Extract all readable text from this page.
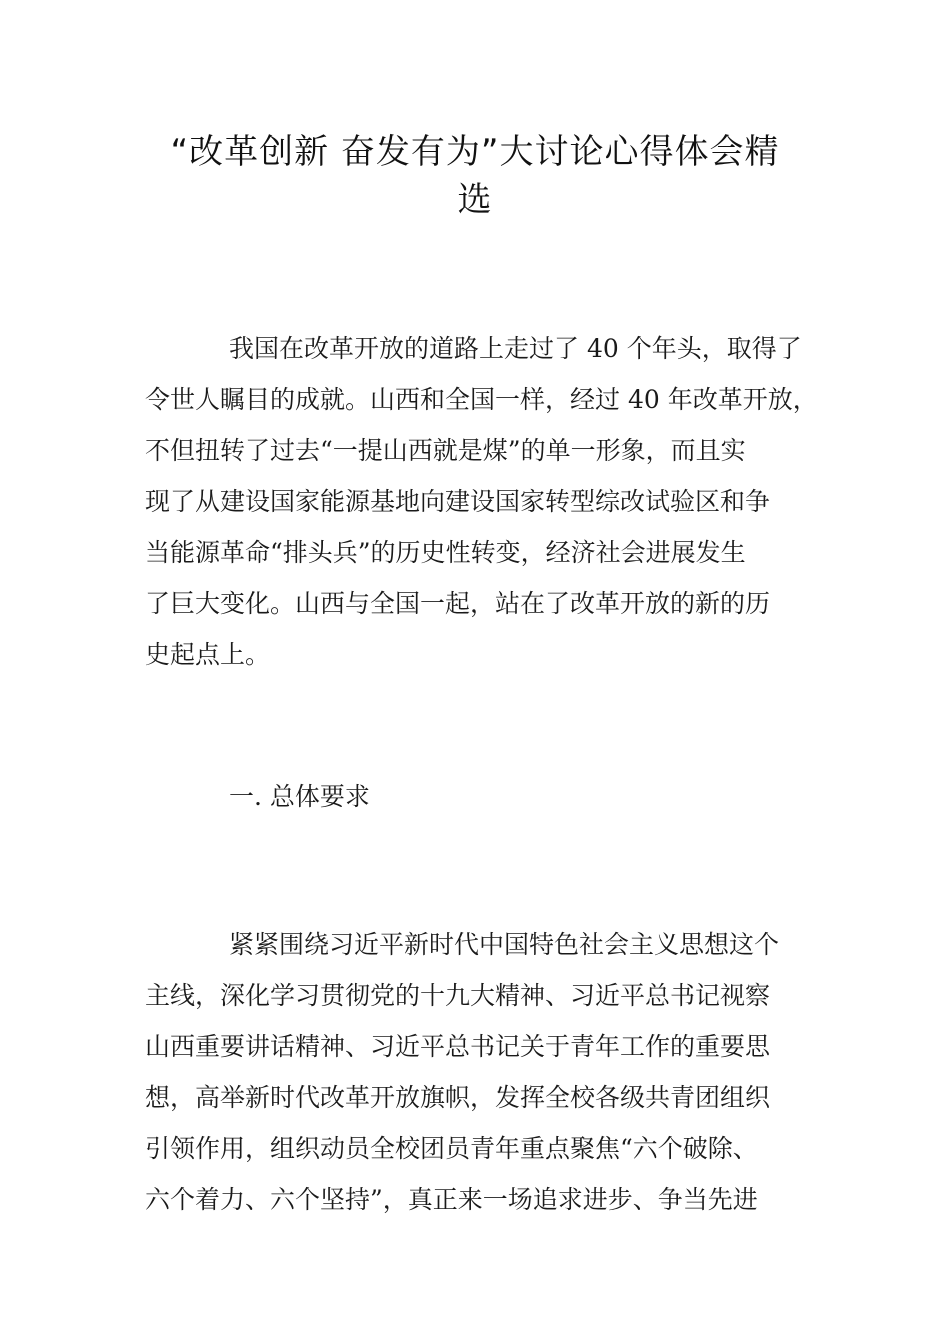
“改革创新 奋发有为”大讨论心得体会精
选
我国在改革开放的道路上走过了 40 个年头，取得了
令世人瞩目的成就。山西和全国一样，经过 40 年改革开放，
不但扭转了过去“一提山西就是煤”的单一形象，而且实
现了从建设国家能源基地向建设国家转型综改试验区和争
当能源革命“排头兵”的历史性转变，经济社会进展发生
了巨大变化。山西与全国一起，站在了改革开放的新的历
史起点上。
一. 总体要求
紧紧围绕习近平新时代中国特色社会主义思想这个
主线，深化学习贯彻党的十九大精神、习近平总书记视察
山西重要讲话精神、习近平总书记关于青年工作的重要思
想，高举新时代改革开放旗帜，发挥全校各级共青团组织
引领作用，组织动员全校团员青年重点聚焦“六个破除、
六个着力、六个坚持”，真正来一场追求进步、争当先进
